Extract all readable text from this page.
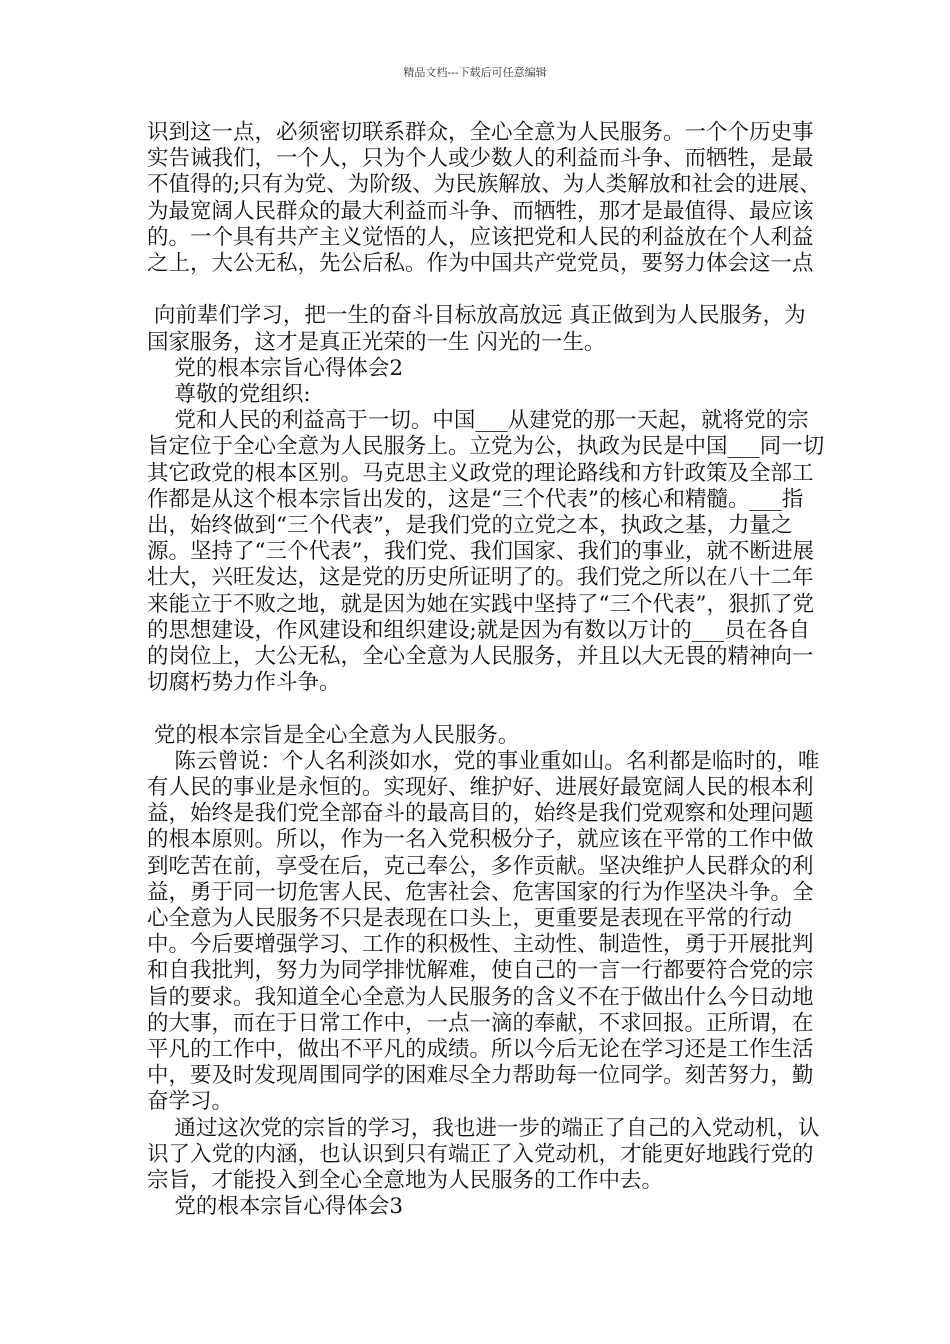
精品文档---下载后可任意编辑

识到这一点，必须密切联系群众，全心全意为人民服务。一个个历史事实告诫我们，一个人，只为个人或少数人的利益而斗争、而牺牲，是最不值得的;只有为党、为阶级、为民族解放、为人类解放和社会的进展、为最宽阔人民群众的最大利益而斗争、而牺牲，那才是最值得、最应该的。一个具有共产主义觉悟的人，应该把党和人民的利益放在个人利益之上，大公无私，先公后私。作为中国共产党党员，要努力体会这一点

向前辈们学习，把一生的奋斗目标放高放远 真正做到为人民服务，为国家服务，这才是真正光荣的一生 闪光的一生。

党的根本宗旨心得体会2

尊敬的党组织:

党和人民的利益高于一切。中国___从建党的那一天起，就将党的宗旨定位于全心全意为人民服务上。立党为公，执政为民是中国___同一切其它政党的根本区别。马克思主义政党的理论路线和方针政策及全部工作都是从这个根本宗旨出发的，这是“三个代表”的核心和精髓。___指出，始终做到“三个代表”，是我们党的立党之本，执政之基，力量之源。坚持了“三个代表”，我们党、我们国家、我们的事业，就不断进展壮大，兴旺发达，这是党的历史所证明了的。我们党之所以在八十二年来能立于不败之地，就是因为她在实践中坚持了“三个代表”，狠抓了党的思想建设，作风建设和组织建设;就是因为有数以万计的___员在各自的岗位上，大公无私，全心全意为人民服务，并且以大无畏的精神向一切腐朽势力作斗争。

党的根本宗旨是全心全意为人民服务。

陈云曾说：个人名利淡如水，党的事业重如山。名利都是临时的，唯有人民的事业是永恒的。实现好、维护好、进展好最宽阔人民的根本利益，始终是我们党全部奋斗的最高目的，始终是我们党观察和处理问题的根本原则。所以，作为一名入党积极分子，就应该在平常的工作中做到吃苦在前，享受在后，克己奉公，多作贡献。坚决维护人民群众的利益，勇于同一切危害人民、危害社会、危害国家的行为作坚决斗争。全心全意为人民服务不只是表现在口头上，更重要是表现在平常的行动中。今后要增强学习、工作的积极性、主动性、制造性，勇于开展批判和自我批判，努力为同学排忧解难，使自己的一言一行都要符合党的宗旨的要求。我知道全心全意为人民服务的含义不在于做出什么今日动地的大事，而在于日常工作中，一点一滴的奉献，不求回报。正所谓，在平凡的工作中，做出不平凡的成绩。所以今后无论在学习还是工作生活中，要及时发现周围同学的困难尽全力帮助每一位同学。刻苦努力，勤奋学习。

通过这次党的宗旨的学习，我也进一步的端正了自己的入党动机，认识了入党的内涵，也认识到只有端正了入党动机，才能更好地践行党的宗旨，才能投入到全心全意地为人民服务的工作中去。

党的根本宗旨心得体会3
